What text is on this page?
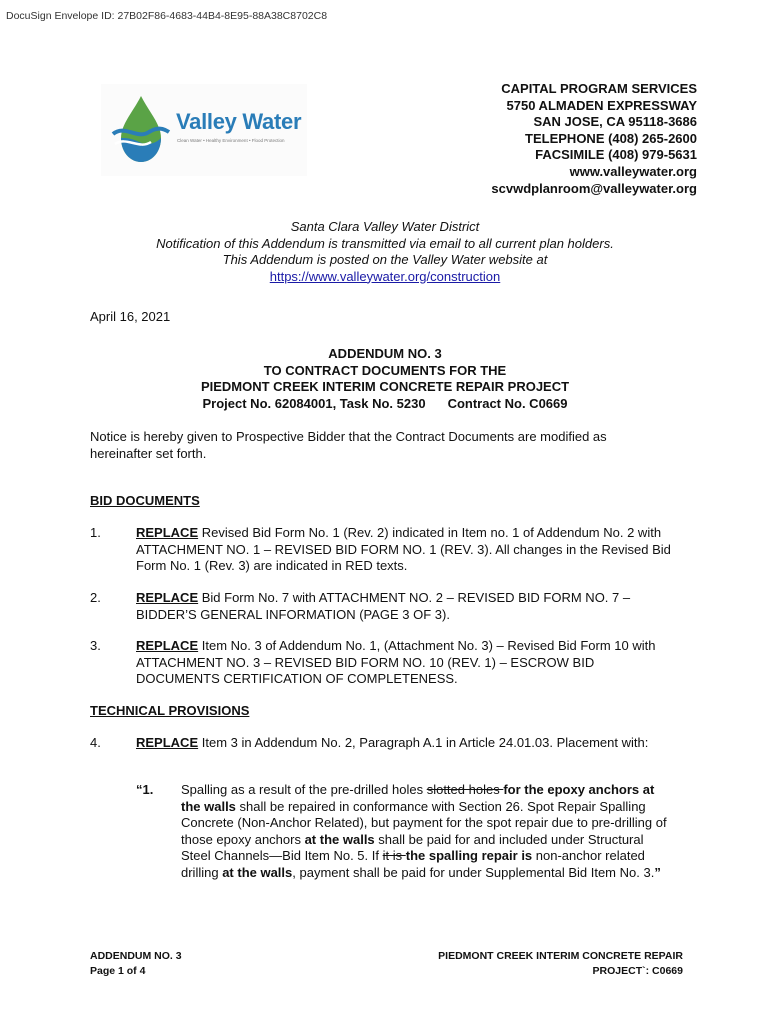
DocuSign Envelope ID: 27B02F86-4683-44B4-8E95-88A38C8702C8
Valley Water
Clean Water • Healthy Environment • Flood Protection
CAPITAL PROGRAM SERVICES
5750 ALMADEN EXPRESSWAY
SAN JOSE, CA 95118-3686
TELEPHONE (408) 265-2600
FACSIMILE (408) 979-5631
www.valleywater.org
scvwdplanroom@valleywater.org
Santa Clara Valley Water District
Notification of this Addendum is transmitted via email to all current plan holders.
This Addendum is posted on the Valley Water website at
https://www.valleywater.org/construction
April 16, 2021
ADDENDUM NO. 3
TO CONTRACT DOCUMENTS FOR THE
PIEDMONT CREEK INTERIM CONCRETE REPAIR PROJECT
Project No. 62084001, Task No. 5230 Contract No. C0669
Notice is hereby given to Prospective Bidder that the Contract Documents are modified as hereinafter set forth.
BID DOCUMENTS
1.	REPLACE Revised Bid Form No. 1 (Rev. 2) indicated in Item no. 1 of Addendum No. 2 with ATTACHMENT NO. 1 – REVISED BID FORM NO. 1 (REV. 3). All changes in the Revised Bid Form No. 1 (Rev. 3) are indicated in RED texts.
2.	REPLACE Bid Form No. 7 with ATTACHMENT NO. 2 – REVISED BID FORM NO. 7 – BIDDER’S GENERAL INFORMATION (PAGE 3 OF 3).
3.	REPLACE Item No. 3 of Addendum No. 1, (Attachment No. 3) – Revised Bid Form 10 with ATTACHMENT NO. 3 – REVISED BID FORM NO. 10 (REV. 1) – ESCROW BID DOCUMENTS CERTIFICATION OF COMPLETENESS.
TECHNICAL PROVISIONS
4.	REPLACE Item 3 in Addendum No. 2, Paragraph A.1 in Article 24.01.03. Placement with:
“1. Spalling as a result of the pre-drilled holes slotted holes for the epoxy anchors at the walls shall be repaired in conformance with Section 26. Spot Repair Spalling Concrete (Non-Anchor Related), but payment for the spot repair due to pre-drilling of those epoxy anchors at the walls shall be paid for and included under Structural Steel Channels—Bid Item No. 5. If it is the spalling repair is non-anchor related drilling at the walls, payment shall be paid for under Supplemental Bid Item No. 3.”
ADDENDUM NO. 3
Page 1 of 4
PIEDMONT CREEK INTERIM CONCRETE REPAIR
PROJECT`: C0669
